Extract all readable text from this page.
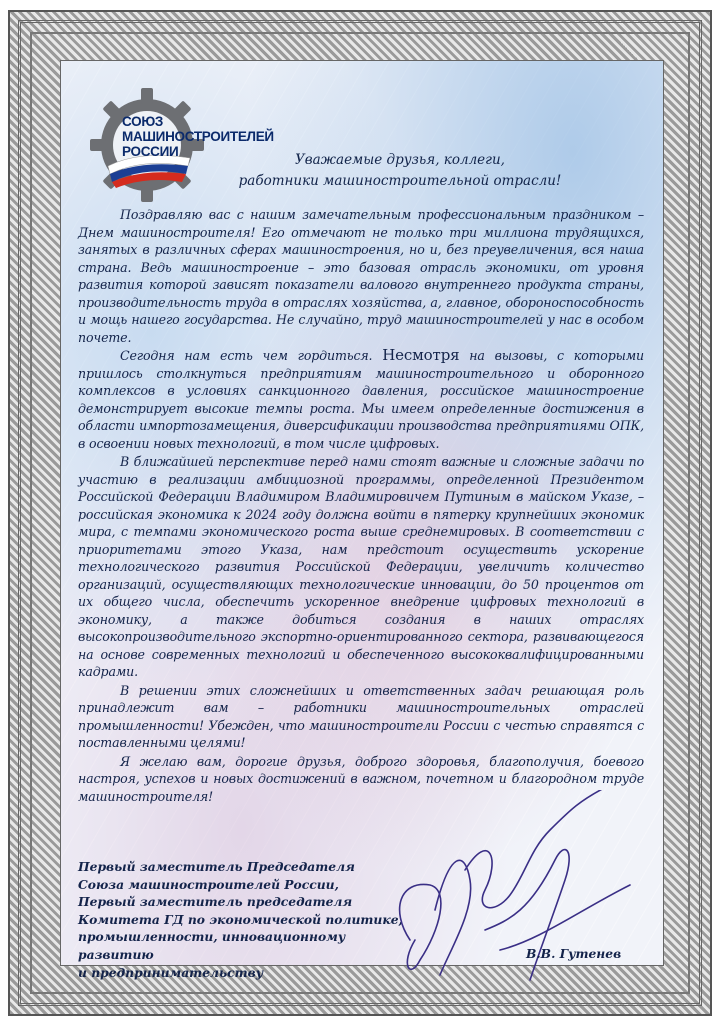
СОЮЗ
МАШИНОСТРОИТЕЛЕЙ
РОССИИ
Уважаемые друзья, коллеги,
работники машиностроительной отрасли!

Поздравляю вас с нашим замечательным профессиональным праздником – Днем машиностроителя! Его отмечают не только три миллиона трудящихся, занятых в различных сферах машиностроения, но и, без преувеличения, вся наша страна. Ведь машиностроение – это базовая отрасль экономики, от уровня развития которой зависят показатели валового внутреннего продукта страны, производительность труда в отраслях хозяйства, а, главное, обороноспособность и мощь нашего государства. Не случайно, труд машиностроителей у нас в особом почете.

Сегодня нам есть чем гордиться. Несмотря на вызовы, с которыми пришлось столкнуться предприятиям машиностроительного и оборонного комплексов в условиях санкционного давления, российское машиностроение демонстрирует высокие темпы роста. Мы имеем определенные достижения в области импортозамещения, диверсификации производства предприятиями ОПК, в освоении новых технологий, в том числе цифровых.

В ближайшей перспективе перед нами стоят важные и сложные задачи по участию в реализации амбициозной программы, определенной Президентом Российской Федерации Владимиром Владимировичем Путиным в майском Указе, – российская экономика к 2024 году должна войти в пятерку крупнейших экономик мира, с темпами экономического роста выше среднемировых. В соответствии с приоритетами этого Указа, нам предстоит осуществить ускорение технологического развития Российской Федерации, увеличить количество организаций, осуществляющих технологические инновации, до 50 процентов от их общего числа, обеспечить ускоренное внедрение цифровых технологий в экономику, а также добиться создания в наших отраслях высокопроизводительного экспортно-ориентированного сектора, развивающегося на основе современных технологий и обеспеченного высококвалифицированными кадрами.

В решении этих сложнейших и ответственных задач решающая роль принадлежит вам – работники машиностроительных отраслей промышленности! Убежден, что машиностроители России с честью справятся с поставленными целями!

Я желаю вам, дорогие друзья, доброго здоровья, благополучия, боевого настроя, успехов и новых достижений в важном, почетном и благородном труде машиностроителя!

Первый заместитель Председателя
Союза машиностроителей России,
Первый заместитель председателя
Комитета ГД по экономической политике,
промышленности, инновационному развитию
и предпринимательству
В.В. Гутенев
